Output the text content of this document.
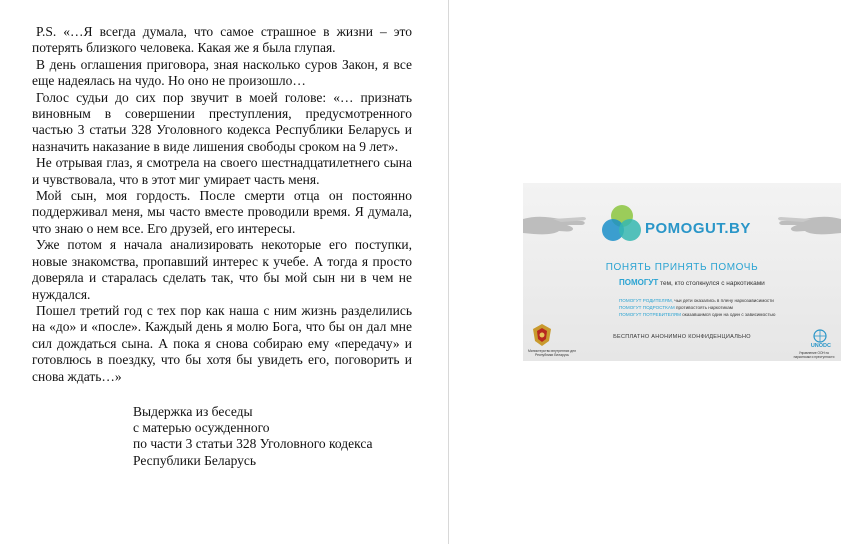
P.S. «…Я всегда думала, что самое страшное в жизни – это потерять близкого человека. Какая же я была глупая.

В день оглашения приговора, зная насколько суров Закон, я все еще надеялась на чудо. Но оно не произошло…

Голос судьи до сих пор звучит в моей голове: «… признать виновным в совершении преступления, предусмотренного частью 3 статьи 328 Уголовного кодекса Республики Беларусь и назначить наказание в виде лишения свободы сроком на 9 лет».

Не отрывая глаз, я смотрела на своего шестнадцатилетнего сына и чувствовала, что в этот миг умирает часть меня.

Мой сын, моя гордость. После смерти отца он постоянно поддерживал меня, мы часто вместе проводили время. Я думала, что знаю о нем все. Его друзей, его интересы.

Уже потом я начала анализировать некоторые его поступки, новые знакомства, пропавший интерес к учебе. А тогда я просто доверяла и старалась сделать так, что бы мой сын ни в чем не нуждался.

Пошел третий год с тех пор как наша с ним жизнь разделились на «до» и «после». Каждый день я молю Бога, что бы он дал мне сил дождаться сына. А пока я снова собираю ему «передачу» и готовлюсь в поездку, что бы хотя бы увидеть его, поговорить и снова ждать…»

Выдержка из беседы
с матерью осужденного
по части 3 статьи 328 Уголовного кодекса
Республики Беларусь
POMOGUT.BY
ПОНЯТЬ ПРИНЯТЬ ПОМОЧЬ
ПОМОГУТ тем, кто столкнулся с наркотиками
ПОМОГУТ РОДИТЕЛЯМ, чьи дети оказались в плену наркозависимости
ПОМОГУТ ПОДРОСТКАМ противостоять наркотикам
ПОМОГУТ ПОТРЕБИТЕЛЯМ оказавшимся один на один с зависимостью
БЕСПЛАТНО АНОНИМНО КОНФИДЕНЦИАЛЬНО
Министерство внутренних дел Республики Беларусь
UNODC
Управление ООН по наркотикам и преступности
